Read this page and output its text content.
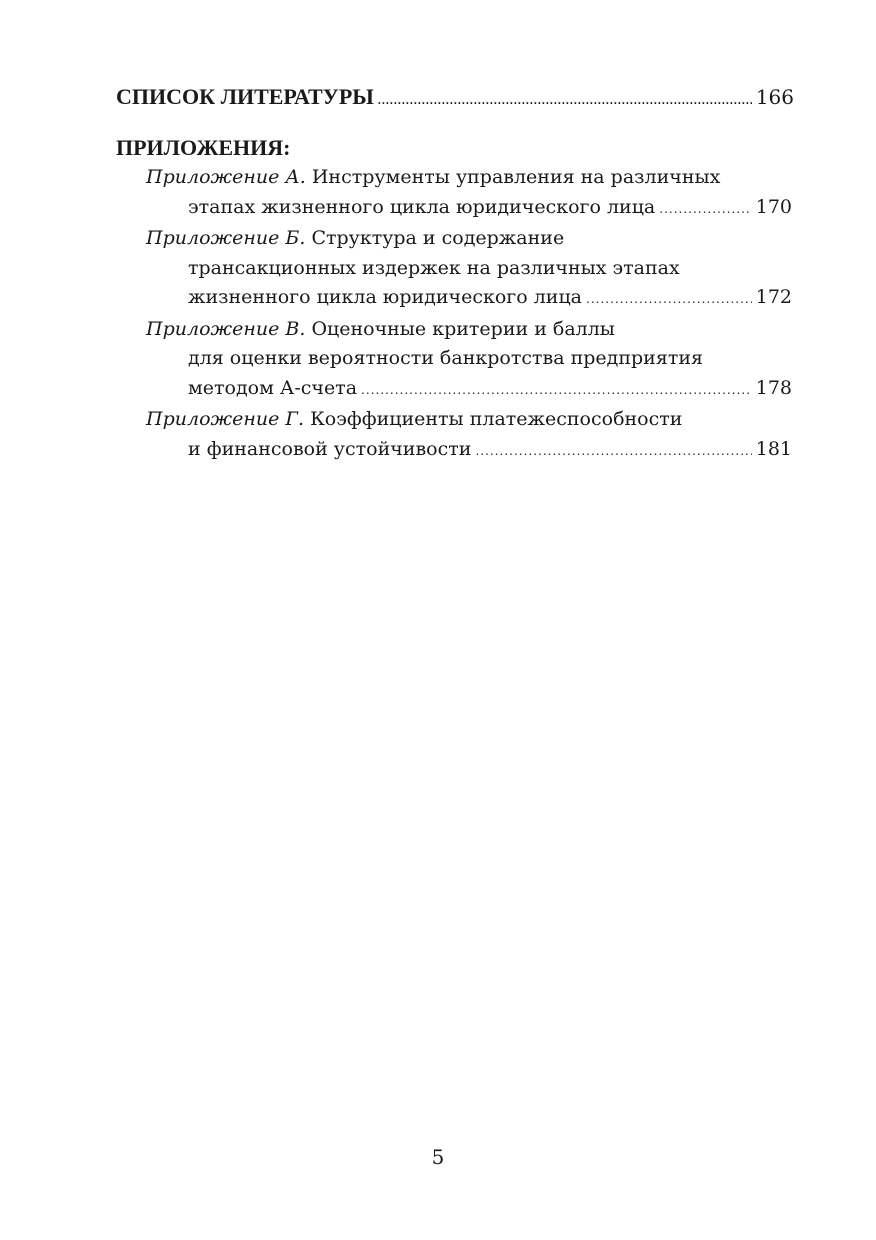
СПИСОК ЛИТЕРАТУРЫ .....	166
ПРИЛОЖЕНИЯ:
Приложение А. Инструменты управления на различных
этапах жизненного цикла юридического лица .....	170
Приложение Б. Структура и содержание
трансакционных издержек на различных этапах
жизненного цикла юридического лица .....	172
Приложение В. Оценочные критерии и баллы
для оценки вероятности банкротства предприятия
методом А-счета .....	178
Приложение Г. Коэффициенты платежеспособности
и финансовой устойчивости .....	181
5
